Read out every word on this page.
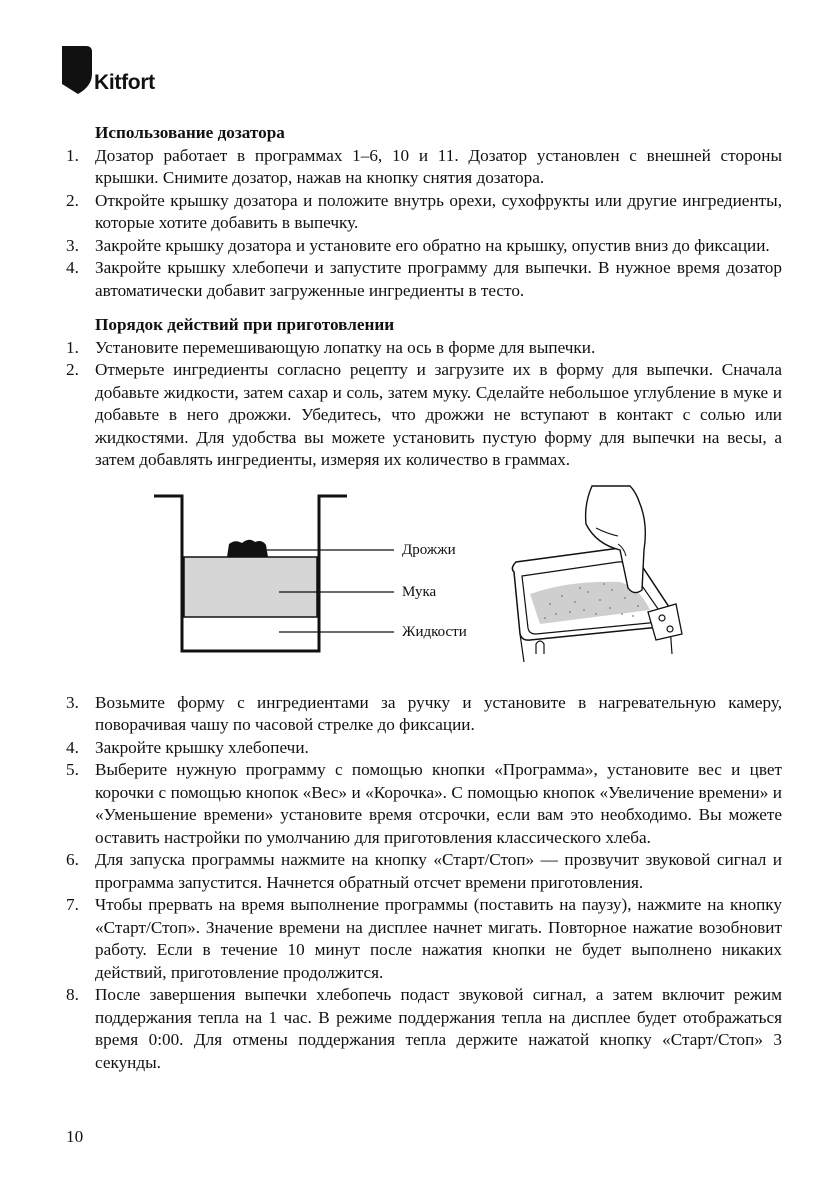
Kitfort

Использование дозатора

1. Дозатор работает в программах 1–6, 10 и 11. Дозатор установлен с внешней стороны крышки. Снимите дозатор, нажав на кнопку снятия дозатора.
2. Откройте крышку дозатора и положите внутрь орехи, сухофрукты или другие ингредиенты, которые хотите добавить в выпечку.
3. Закройте крышку дозатора и установите его обратно на крышку, опустив вниз до фиксации.
4. Закройте крышку хлебопечи и запустите программу для выпечки. В нужное время дозатор автоматически добавит загруженные ингредиенты в тесто.

Порядок действий при приготовлении

1. Установите перемешивающую лопатку на ось в форме для выпечки.
2. Отмерьте ингредиенты согласно рецепту и загрузите их в форму для выпечки. Сначала добавьте жидкости, затем сахар и соль, затем муку. Сделайте небольшое углубление в муке и добавьте в него дрожжи. Убедитесь, что дрожжи не вступают в контакт с солью или жидкостями. Для удобства вы можете установить пустую форму для выпечки на весы, а затем добавлять ингредиенты, измеряя их количество в граммах.
Дрожжи
Мука
Жидкости
3. Возьмите форму с ингредиентами за ручку и установите в нагревательную камеру, поворачивая чашу по часовой стрелке до фиксации.
4. Закройте крышку хлебопечи.
5. Выберите нужную программу с помощью кнопки «Программа», установите вес и цвет корочки с помощью кнопок «Вес» и «Корочка». С помощью кнопок «Увеличение времени» и «Уменьшение времени» установите время отсрочки, если вам это необходимо. Вы можете оставить настройки по умолчанию для приготовления классического хлеба.
6. Для запуска программы нажмите на кнопку «Старт/Стоп» — прозвучит звуковой сигнал и программа запустится. Начнется обратный отсчет времени приготовления.
7. Чтобы прервать на время выполнение программы (поставить на паузу), нажмите на кнопку «Старт/Стоп». Значение времени на дисплее начнет мигать. Повторное нажатие возобновит работу. Если в течение 10 минут после нажатия кнопки не будет выполнено никаких действий, приготовление продолжится.
8. После завершения выпечки хлебопечь подаст звуковой сигнал, а затем включит режим поддержания тепла на 1 час. В режиме поддержания тепла на дисплее будет отображаться время 0:00. Для отмены поддержания тепла держите нажатой кнопку «Старт/Стоп» 3 секунды.
10
